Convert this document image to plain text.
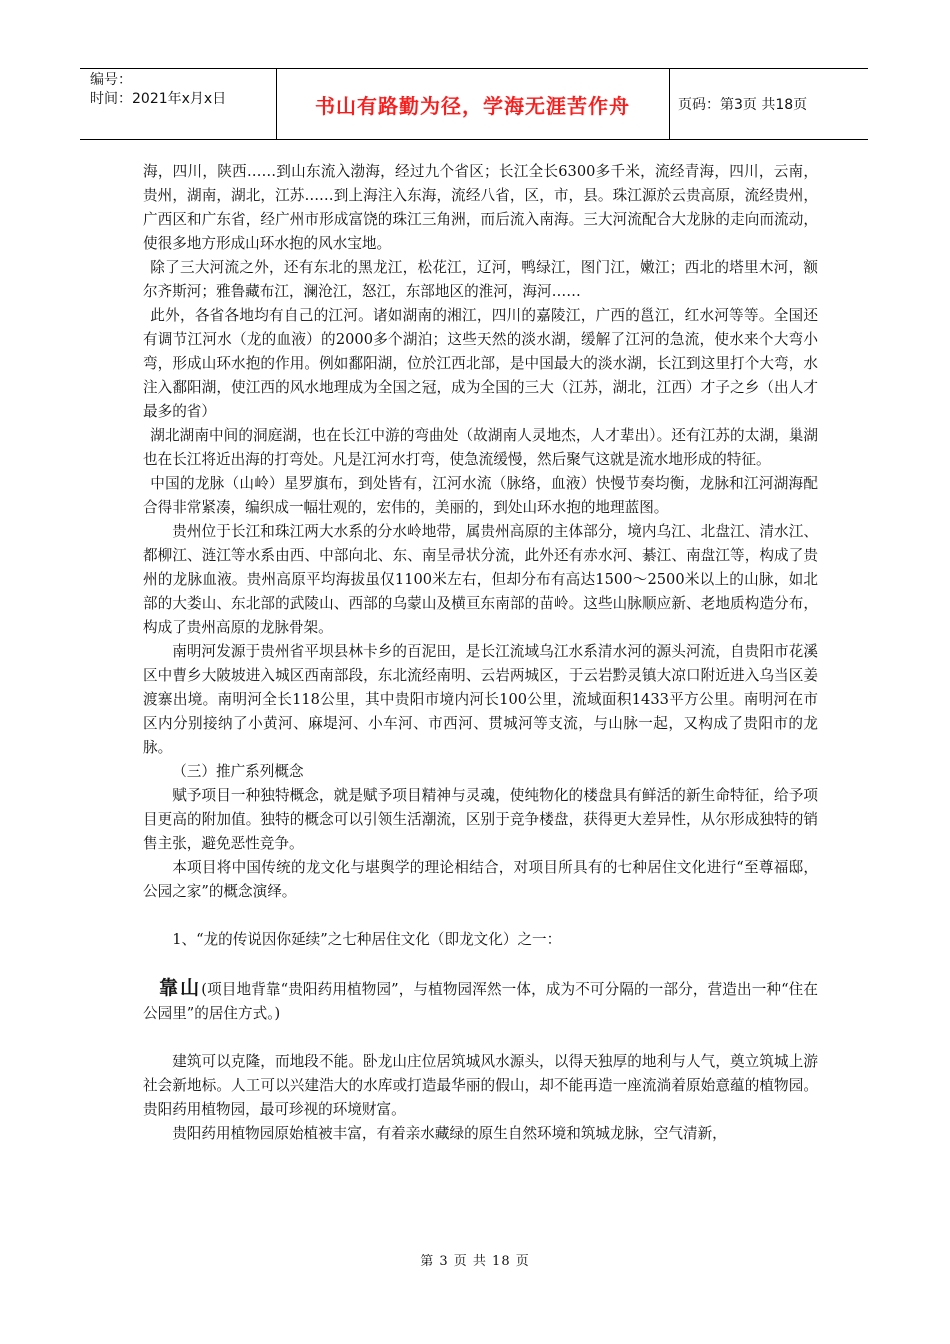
编号：
时间：2021年x月x日	书山有路勤为径，学海无涯苦作舟	页码：第3页 共18页

海，四川，陕西……到山东流入渤海，经过九个省区；长江全长6300多千米，流经青海，四川，云南，贵州，湖南，湖北，江苏……到上海注入东海，流经八省，区，市，县。珠江源於云贵高原，流经贵州，广西区和广东省，经广州市形成富饶的珠江三角洲，而后流入南海。三大河流配合大龙脉的走向而流动，使很多地方形成山环水抱的风水宝地。

除了三大河流之外，还有东北的黑龙江，松花江，辽河，鸭绿江，图门江，嫩江；西北的塔里木河，额尔齐斯河；雅鲁藏布江，澜沧江，怒江，东部地区的淮河，海河……

此外，各省各地均有自己的江河。诸如湖南的湘江，四川的嘉陵江，广西的邕江，红水河等等。全国还有调节江河水（龙的血液）的2000多个湖泊；这些天然的淡水湖，缓解了江河的急流，使水来个大弯小弯，形成山环水抱的作用。例如鄱阳湖，位於江西北部，是中国最大的淡水湖，长江到这里打个大弯，水注入鄱阳湖，使江西的风水地理成为全国之冠，成为全国的三大（江苏，湖北，江西）才子之乡（出人才最多的省）

湖北湖南中间的洞庭湖，也在长江中游的弯曲处（故湖南人灵地杰，人才辈出）。还有江苏的太湖，巢湖也在长江将近出海的打弯处。凡是江河水打弯，使急流缓慢，然后聚气这就是流水地形成的特征。

中国的龙脉（山岭）星罗旗布，到处皆有，江河水流（脉络，血液）快慢节奏均衡，龙脉和江河湖海配合得非常紧凑，编织成一幅壮观的，宏伟的，美丽的，到处山环水抱的地理蓝图。

贵州位于长江和珠江两大水系的分水岭地带，属贵州高原的主体部分，境内乌江、北盘江、清水江、都柳江、涟江等水系由西、中部向北、东、南呈帚状分流，此外还有赤水河、綦江、南盘江等，构成了贵州的龙脉血液。贵州高原平均海拔虽仅1100米左右，但却分布有高达1500～2500米以上的山脉，如北部的大娄山、东北部的武陵山、西部的乌蒙山及横亘东南部的苗岭。这些山脉顺应新、老地质构造分布，构成了贵州高原的龙脉骨架。

南明河发源于贵州省平坝县林卡乡的百泥田，是长江流域乌江水系清水河的源头河流，自贵阳市花溪区中曹乡大陂坡进入城区西南部段，东北流经南明、云岩两城区，于云岩黔灵镇大凉口附近进入乌当区姜渡寨出境。南明河全长118公里，其中贵阳市境内河长100公里，流域面积1433平方公里。南明河在市区内分别接纳了小黄河、麻堤河、小车河、市西河、贯城河等支流，与山脉一起，又构成了贵阳市的龙脉。

（三）推广系列概念

赋予项目一种独特概念，就是赋予项目精神与灵魂，使纯物化的楼盘具有鲜活的新生命特征，给予项目更高的附加值。独特的概念可以引领生活潮流，区别于竞争楼盘，获得更大差异性，从尔形成独特的销售主张，避免恶性竞争。

本项目将中国传统的龙文化与堪舆学的理论相结合，对项目所具有的七种居住文化进行“至尊福邸，公园之家”的概念演绎。

1、“龙的传说因你延续”之七种居住文化（即龙文化）之一：

靠山(项目地背靠“贵阳药用植物园”，与植物园浑然一体，成为不可分隔的一部分，营造出一种“住在公园里”的居住方式。)

建筑可以克隆，而地段不能。卧龙山庄位居筑城风水源头，以得天独厚的地利与人气，奠立筑城上游社会新地标。人工可以兴建浩大的水库或打造最华丽的假山，却不能再造一座流淌着原始意蕴的植物园。贵阳药用植物园，最可珍视的环境财富。

贵阳药用植物园原始植被丰富，有着亲水藏绿的原生自然环境和筑城龙脉，空气清新，

第 3 页 共 18 页
